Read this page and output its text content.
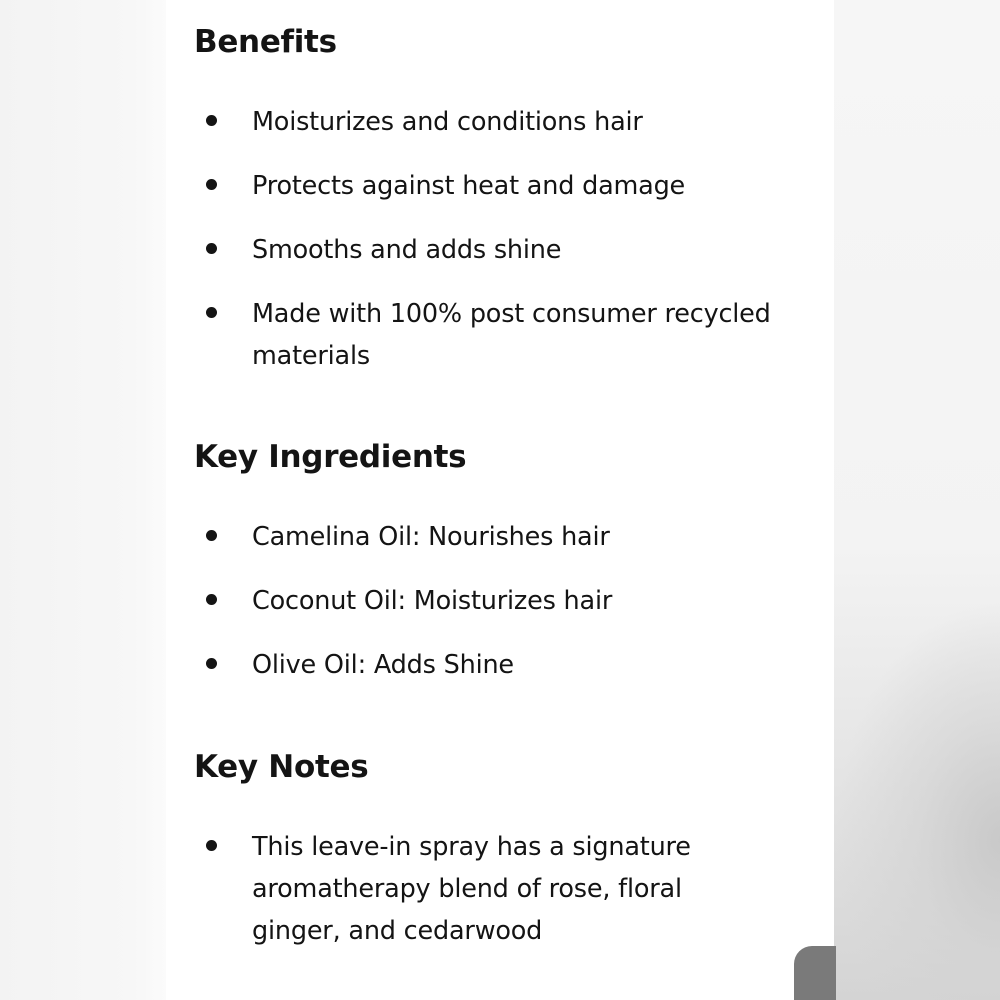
Benefits
Moisturizes and conditions hair
Protects against heat and damage
Smooths and adds shine
Made with 100% post consumer recycled materials
Key Ingredients
Camelina Oil: Nourishes hair
Coconut Oil: Moisturizes hair
Olive Oil: Adds Shine
Key Notes
This leave-in spray has a signature aromatherapy blend of rose, floral ginger, and cedarwood
